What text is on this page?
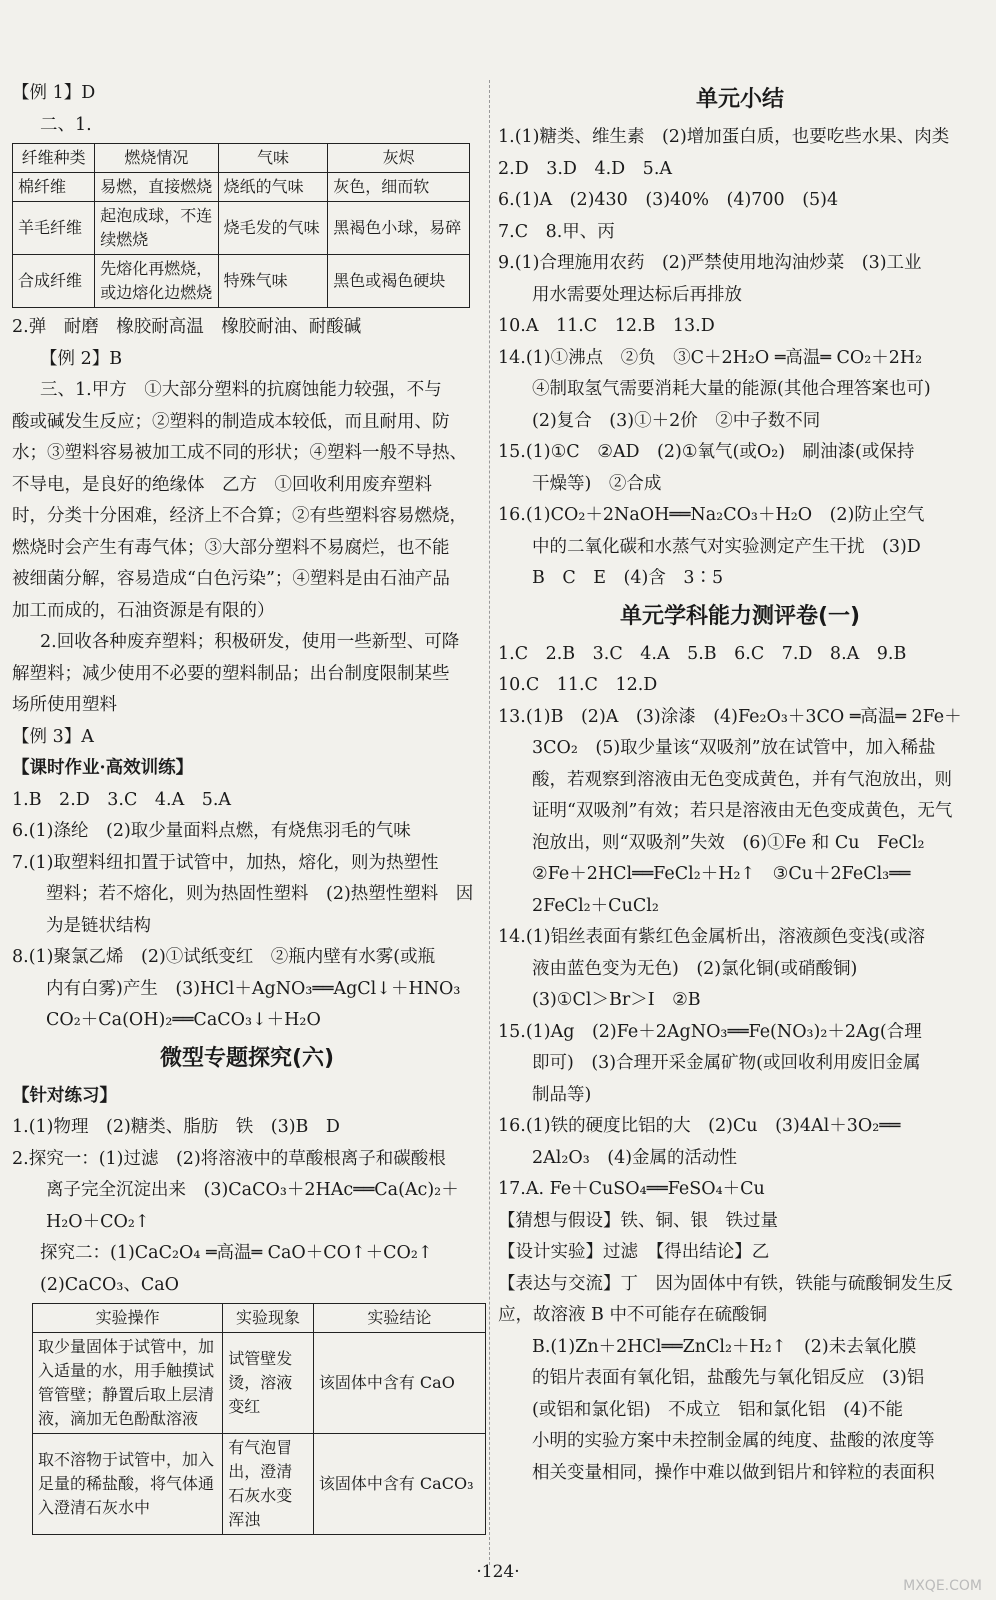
【例 1】D
二、1.
纤维种类	燃烧情况	气味	灰烬
棉纤维	易燃，直接燃烧	烧纸的气味	灰色，细而软
羊毛纤维	起泡成球，不连续燃烧	烧毛发的气味	黑褐色小球，易碎
合成纤维	先熔化再燃烧，或边熔化边燃烧	特殊气味	黑色或褐色硬块
2.弹　耐磨　橡胶耐高温　橡胶耐油、耐酸碱
【例 2】B
三、1.甲方　①大部分塑料的抗腐蚀能力较强，不与
酸或碱发生反应；②塑料的制造成本较低，而且耐用、防
水；③塑料容易被加工成不同的形状；④塑料一般不导热、
不导电，是良好的绝缘体　乙方　①回收利用废弃塑料
时，分类十分困难，经济上不合算；②有些塑料容易燃烧，
燃烧时会产生有毒气体；③大部分塑料不易腐烂，也不能
被细菌分解，容易造成“白色污染”；④塑料是由石油产品
加工而成的，石油资源是有限的）
2.回收各种废弃塑料；积极研发，使用一些新型、可降
解塑料；减少使用不必要的塑料制品；出台制度限制某些
场所使用塑料
【例 3】A
【课时作业·高效训练】
1.B　2.D　3.C　4.A　5.A
6.(1)涤纶　(2)取少量面料点燃，有烧焦羽毛的气味
7.(1)取塑料纽扣置于试管中，加热，熔化，则为热塑性
塑料；若不熔化，则为热固性塑料　(2)热塑性塑料　因
为是链状结构
8.(1)聚氯乙烯　(2)①试纸变红　②瓶内壁有水雾(或瓶
内有白雾)产生　(3)HCl＋AgNO₃══AgCl↓＋HNO₃
CO₂＋Ca(OH)₂══CaCO₃↓＋H₂O
微型专题探究(六)
【针对练习】
1.(1)物理　(2)糖类、脂肪　铁　(3)B　D
2.探究一：(1)过滤　(2)将溶液中的草酸根离子和碳酸根
离子完全沉淀出来　(3)CaCO₃＋2HAc══Ca(Ac)₂＋
H₂O＋CO₂↑
探究二：(1)CaC₂O₄ ═高温═ CaO＋CO↑＋CO₂↑
(2)CaCO₃、CaO
实验操作	实验现象	实验结论
取少量固体于试管中，加入适量的水，用手触摸试管管壁；静置后取上层清液，滴加无色酚酞溶液	试管壁发烫，溶液变红	该固体中含有 CaO
取不溶物于试管中，加入足量的稀盐酸，将气体通入澄清石灰水中	有气泡冒出，澄清石灰水变浑浊	该固体中含有 CaCO₃
单元小结
1.(1)糖类、维生素　(2)增加蛋白质，也要吃些水果、肉类
2.D　3.D　4.D　5.A
6.(1)A　(2)430　(3)40%　(4)700　(5)4
7.C　8.甲、丙
9.(1)合理施用农药　(2)严禁使用地沟油炒菜　(3)工业
用水需要处理达标后再排放
10.A　11.C　12.B　13.D
14.(1)①沸点　②负　③C＋2H₂O ═高温═ CO₂＋2H₂
④制取氢气需要消耗大量的能源(其他合理答案也可)
(2)复合　(3)①＋2价　②中子数不同
15.(1)①C　②AD　(2)①氧气(或O₂)　刷油漆(或保持
干燥等)　②合成
16.(1)CO₂＋2NaOH══Na₂CO₃＋H₂O　(2)防止空气
中的二氧化碳和水蒸气对实验测定产生干扰　(3)D
B　C　E　(4)含　3∶5
单元学科能力测评卷(一)
1.C　2.B　3.C　4.A　5.B　6.C　7.D　8.A　9.B
10.C　11.C　12.D
13.(1)B　(2)A　(3)涂漆　(4)Fe₂O₃＋3CO ═高温═ 2Fe＋
3CO₂　(5)取少量该“双吸剂”放在试管中，加入稀盐
酸，若观察到溶液由无色变成黄色，并有气泡放出，则
证明“双吸剂”有效；若只是溶液由无色变成黄色，无气
泡放出，则“双吸剂”失效　(6)①Fe 和 Cu　FeCl₂
②Fe＋2HCl══FeCl₂＋H₂↑　③Cu＋2FeCl₃══
2FeCl₂＋CuCl₂
14.(1)铝丝表面有紫红色金属析出，溶液颜色变浅(或溶
液由蓝色变为无色)　(2)氯化铜(或硝酸铜)
(3)①Cl＞Br＞I　②B
15.(1)Ag　(2)Fe＋2AgNO₃══Fe(NO₃)₂＋2Ag(合理
即可)　(3)合理开采金属矿物(或回收利用废旧金属
制品等)
16.(1)铁的硬度比铝的大　(2)Cu　(3)4Al＋3O₂══
2Al₂O₃　(4)金属的活动性
17.A. Fe＋CuSO₄══FeSO₄＋Cu
【猜想与假设】铁、铜、银　铁过量
【设计实验】过滤　【得出结论】乙
【表达与交流】丁　因为固体中有铁，铁能与硫酸铜发生反
应，故溶液 B 中不可能存在硫酸铜
B.(1)Zn＋2HCl══ZnCl₂＋H₂↑　(2)未去氧化膜
的铝片表面有氧化铝，盐酸先与氧化铝反应　(3)铝
(或铝和氯化铝)　不成立　铝和氯化铝　(4)不能
小明的实验方案中未控制金属的纯度、盐酸的浓度等
相关变量相同，操作中难以做到铝片和锌粒的表面积
·124·
MXQE.COM
